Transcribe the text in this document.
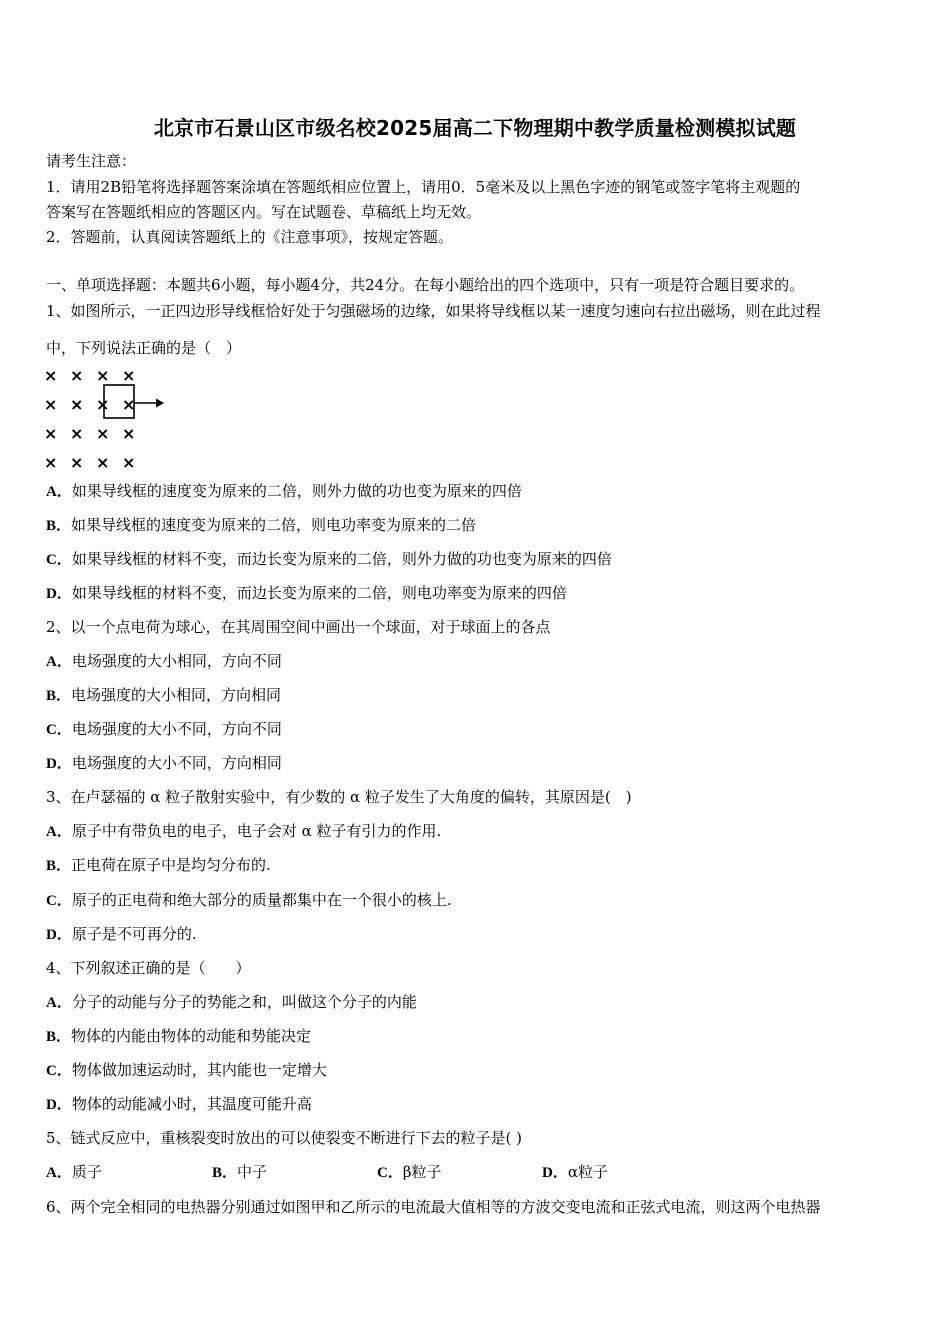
北京市石景山区市级名校2025届高二下物理期中教学质量检测模拟试题
请考生注意：
1．请用2B铅笔将选择题答案涂填在答题纸相应位置上，请用0．5毫米及以上黑色字迹的钢笔或签字笔将主观题的
答案写在答题纸相应的答题区内。写在试题卷、草稿纸上均无效。
2．答题前，认真阅读答题纸上的《注意事项》，按规定答题。
一、单项选择题：本题共6小题，每小题4分，共24分。在每小题给出的四个选项中，只有一项是符合题目要求的。
1、如图所示，一正四边形导线框恰好处于匀强磁场的边缘，如果将导线框以某一速度匀速向右拉出磁场，则在此过程
中，下列说法正确的是（　）
× × × ×
× × × ×
× × × ×
× × × ×
A．如果导线框的速度变为原来的二倍，则外力做的功也变为原来的四倍
B．如果导线框的速度变为原来的二倍，则电功率变为原来的二倍
C．如果导线框的材料不变，而边长变为原来的二倍，则外力做的功也变为原来的四倍
D．如果导线框的材料不变，而边长变为原来的二倍，则电功率变为原来的四倍
2、以一个点电荷为球心，在其周围空间中画出一个球面，对于球面上的各点
A．电场强度的大小相同，方向不同
B．电场强度的大小相同，方向相同
C．电场强度的大小不同，方向不同
D．电场强度的大小不同，方向相同
3、在卢瑟福的 α 粒子散射实验中，有少数的 α 粒子发生了大角度的偏转，其原因是(　)
A．原子中有带负电的电子，电子会对 α 粒子有引力的作用.
B．正电荷在原子中是均匀分布的.
C．原子的正电荷和绝大部分的质量都集中在一个很小的核上.
D．原子是不可再分的.
4、下列叙述正确的是（　　）
A．分子的动能与分子的势能之和，叫做这个分子的内能
B．物体的内能由物体的动能和势能决定
C．物体做加速运动时，其内能也一定增大
D．物体的动能减小时，其温度可能升高
5、链式反应中，重核裂变时放出的可以使裂变不断进行下去的粒子是( )
A．质子	B．中子	C．β粒子	D．α粒子
6、两个完全相同的电热器分别通过如图甲和乙所示的电流最大值相等的方波交变电流和正弦式电流，则这两个电热器
